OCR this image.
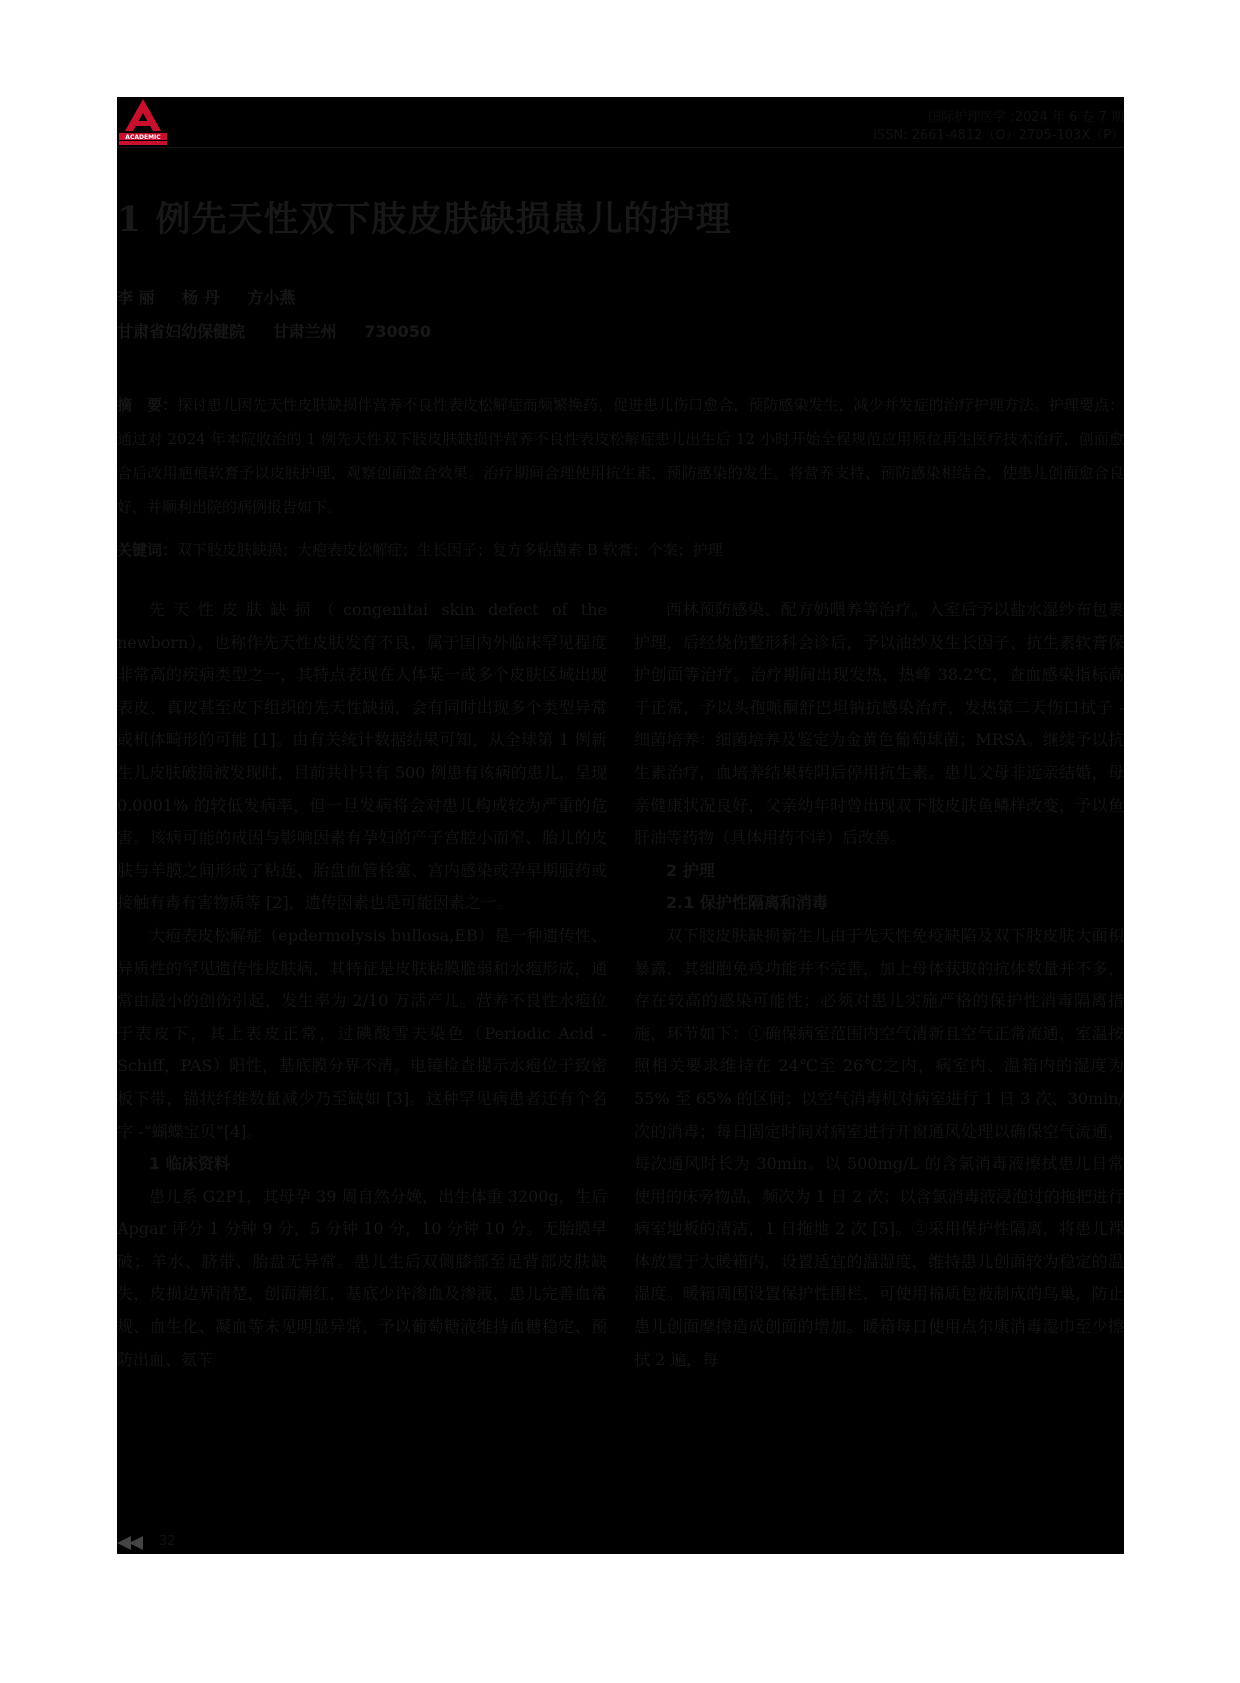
ACADEMIC
国际护理医学 :2024 年 6 卷 7 期
ISSN: 2661-4812（O）2705-103X（P）
1 例先天性双下肢皮肤缺损患儿的护理
李 丽 杨 丹 方小燕
甘肃省妇幼保健院 甘肃兰州 730050
摘　要：探讨患儿因先天性皮肤缺损伴营养不良性表皮松解症而频繁换药，促进患儿伤口愈合，预防感染发生，减少并发症的治疗护理方法。护理要点：通过对 2024 年本院收治的 1 例先天性双下肢皮肤缺损伴营养不良性表皮松解症患儿出生后 12 小时开始全程规范应用原位再生医疗技术治疗，创面愈合后改用疤痕软膏予以皮肤护理，观察创面愈合效果。治疗期间合理使用抗生素，预防感染的发生。将营养支持、预防感染相结合，使患儿创面愈合良好，并顺利出院的病例报告如下。
关键词：双下肢皮肤缺损；大疱表皮松解症；生长因子；复方多粘菌素 B 软膏；个案；护理

先天性皮肤缺损（congenitai skin defect of the newborn），也称作先天性皮肤发育不良，属于国内外临床罕见程度非常高的疾病类型之一，其特点表现在人体某一或多个皮肤区域出现表皮、真皮甚至皮下组织的先天性缺损，会有同时出现多个类型异常或机体畸形的可能 [1]。由有关统计数据结果可知，从全球第 1 例新生儿皮肤破损被发现时，目前共计只有 500 例患有该病的患儿，呈现 0.0001% 的较低发病率，但一旦发病将会对患儿构成较为严重的危害。该病可能的成因与影响因素有孕妇的产子宫腔小而窄、胎儿的皮肤与羊膜之间形成了粘连、胎盘血管栓塞、宫内感染或孕早期服药或接触有毒有害物质等 [2]，遗传因素也是可能因素之一。

大疱表皮松解症（epdermolysis bullosa,EB）是一种遗传性、异质性的罕见遗传性皮肤病，其特征是皮肤粘膜脆弱和水疱形成，通常由最小的创伤引起，发生率为 2/10 万活产儿。营养不良性水疱位于表皮下，其上表皮正常，过碘酸雪夫染色（Periodic Acid -Schiff，PAS）阳性，基底膜分界不清。电镜检查提示水疱位于致密板下带，锚状纤维数量减少乃至缺如 [3]。这种罕见病患者还有个名字 -“蝴蝶宝贝”[4]。

1 临床资料

患儿系 G2P1，其母孕 39 周自然分娩，出生体重 3200g，生后 Apgar 评分 1 分钟 9 分，5 分钟 10 分，10 分钟 10 分。无胎膜早破；羊水、脐带、胎盘无异常。患儿生后双侧膝部至足背部皮肤缺失，皮损边界清楚，创面潮红，基底少许渗血及渗液，患儿完善血常规、血生化、凝血等未见明显异常，予以葡萄糖液维持血糖稳定、预防出血、氨苄

西林预防感染、配方奶喂养等治疗。入室后予以盐水湿纱布包裹护理，后经烧伤整形科会诊后，予以油纱及生长因子、抗生素软膏保护创面等治疗。治疗期间出现发热，热峰 38.2℃，查血感染指标高于正常，予以头孢哌酮舒巴坦钠抗感染治疗，发热第二天伤口拭子 - 细菌培养：细菌培养及鉴定为金黄色葡萄球菌；MRSA。继续予以抗生素治疗，血培养结果转阴后停用抗生素。患儿父母非近亲结婚，母亲健康状况良好，父亲幼年时曾出现双下肢皮肤鱼鳞样改变，予以鱼肝油等药物（具体用药不详）后改善。

2 护理

2.1 保护性隔离和消毒

双下肢皮肤缺损新生儿由于先天性免疫缺陷及双下肢皮肤大面积暴露，其细胞免疫功能并不完善，加上母体获取的抗体数量并不多，存在较高的感染可能性；必须对患儿实施严格的保护性消毒隔离措施，环节如下：①确保病室范围内空气清新且空气正常流通，室温按照相关要求维持在 24℃至 26℃之内，病室内、温箱内的湿度为 55% 至 65% 的区间；以空气消毒机对病室进行 1 日 3 次、30min/ 次的消毒；每日固定时间对病室进行开窗通风处理以确保空气流通，每次通风时长为 30min。以 500mg/L 的含氯消毒液擦拭患儿日常使用的床旁物品，频次为 1 日 2 次；以含氯消毒液浸泡过的拖把进行病室地板的清洁，1 日拖地 2 次 [5]。②采用保护性隔离，将患儿裸体放置于大暖箱内，设置适宜的温湿度，维持患儿创面较为稳定的温湿度。暖箱周围设置保护性围栏，可使用棉质包被制成的鸟巢，防止患儿创面摩擦造成创面的增加。暖箱每日使用点尔康消毒湿巾至少擦拭 2 遍，每

32
